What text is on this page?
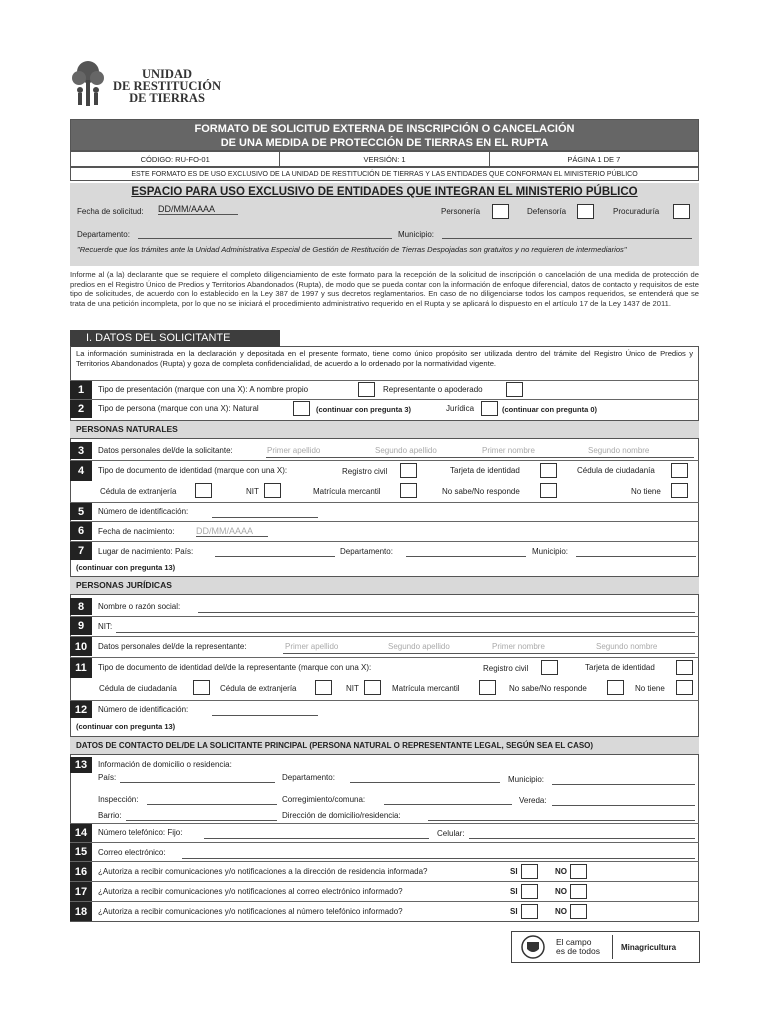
UNIDAD
DE RESTITUCIÓN
DE TIERRAS
FORMATO DE SOLICITUD EXTERNA DE INSCRIPCIÓN O CANCELACIÓN
DE UNA MEDIDA DE PROTECCIÓN DE TIERRAS EN EL RUPTA
CÓDIGO: RU-FO-01	VERSIÓN: 1	PÁGINA 1 DE 7
ESTE FORMATO ES DE USO EXCLUSIVO DE LA UNIDAD DE RESTITUCIÓN DE TIERRAS Y LAS ENTIDADES QUE CONFORMAN EL MINISTERIO PÚBLICO
ESPACIO PARA USO EXCLUSIVO DE ENTIDADES QUE INTEGRAN EL MINISTERIO PÚBLICO
Fecha de solicitud: DD/MM/AAAA	Personería	Defensoría	Procuraduría
Departamento:	Municipio:
"Recuerde que los trámites ante la Unidad Administrativa Especial de Gestión de Restitución de Tierras Despojadas son gratuitos y no requieren de intermediarios"
Informe al (a la) declarante que se requiere el completo diligenciamiento de este formato para la recepción de la solicitud de inscripción o cancelación de una medida de protección de predios en el Registro Único de Predios y Territorios Abandonados (Rupta), de modo que se pueda contar con la información de enfoque diferencial, datos de contacto y requisitos de este tipo de solicitudes, de acuerdo con lo establecido en la Ley 387 de 1997 y sus decretos reglamentarios. En caso de no diligenciarse todos los campos requeridos, se entenderá que se trata de una petición incompleta, por lo que no se iniciará el procedimiento administrativo requerido en el Rupta y se aplicará lo dispuesto en el artículo 17 de la Ley 1437 de 2011.
I. DATOS DEL SOLICITANTE
La información suministrada en la declaración y depositada en el presente formato, tiene como único propósito ser utilizada dentro del trámite del Registro Único de Predios y Territorios Abandonados (Rupta) y goza de completa confidencialidad, de acuerdo a lo ordenado por la normatividad vigente.
1	Tipo de presentación (marque con una X): A nombre propio	Representante o apoderado
2	Tipo de persona (marque con una X): Natural	(continuar con pregunta 3)	Jurídica	(continuar con pregunta 0)
PERSONAS NATURALES
3	Datos personales del/de la solicitante:	Primer apellido	Segundo apellido	Primer nombre	Segundo nombre
4	Tipo de documento de identidad (marque con una X):	Registro civil	Tarjeta de identidad	Cédula de ciudadanía
Cédula de extranjería	NIT	Matrícula mercantil	No sabe/No responde	No tiene
5	Número de identificación:
6	Fecha de nacimiento: DD/MM/AAAA
7	Lugar de nacimiento: País:	Departamento:	Municipio:
(continuar con pregunta 13)
PERSONAS JURÍDICAS
8	Nombre o razón social:
9	NIT:
10	Datos personales del/de la representante:	Primer apellido	Segundo apellido	Primer nombre	Segundo nombre
11	Tipo de documento de identidad del/de la representante (marque con una X):	Registro civil	Tarjeta de identidad
Cédula de ciudadanía	Cédula de extranjería	NIT	Matrícula mercantil	No sabe/No responde	No tiene
12	Número de identificación:
(continuar con pregunta 13)
DATOS DE CONTACTO DEL/DE LA SOLICITANTE PRINCIPAL (PERSONA NATURAL O REPRESENTANTE LEGAL, SEGÚN SEA EL CASO)
13	Información de domicilio o residencia:
País:	Departamento:	Municipio:
Inspección:	Corregimiento/comuna:	Vereda:
Barrio:	Dirección de domicilio/residencia:
14	Número telefónico: Fijo:	Celular:
15	Correo electrónico:
16	¿Autoriza a recibir comunicaciones y/o notificaciones a la dirección de residencia informada?	SI	NO
17	¿Autoriza a recibir comunicaciones y/o notificaciones al correo electrónico informado?	SI	NO
18	¿Autoriza a recibir comunicaciones y/o notificaciones al número telefónico informado?	SI	NO
El campo
es de todos	Minagricultura
